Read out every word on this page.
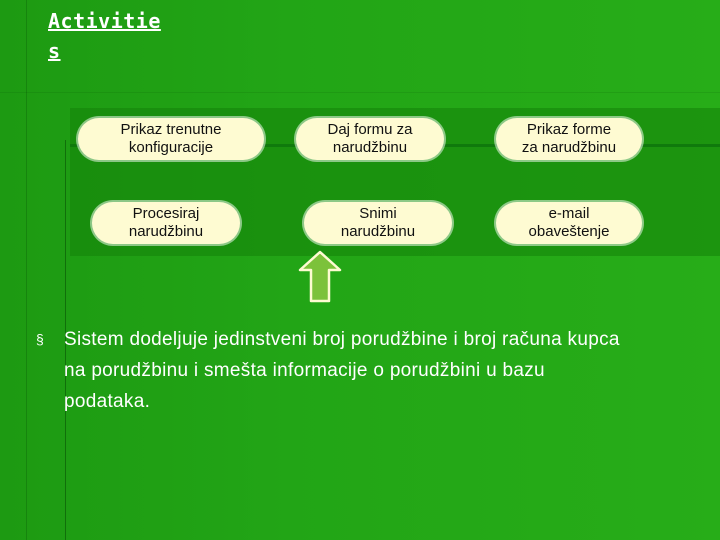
Activities
Prikaz trenutne
konfiguracije
Daj formu za
narudžbinu
Prikaz forme
za narudžbinu
Procesiraj
narudžbinu
Snimi
narudžbinu
e-mail
obaveštenje
§	Sistem dodeljuje jedinstveni broj porudžbine i broj računa kupca na porudžbinu i smešta informacije o porudžbini u bazu podataka.
